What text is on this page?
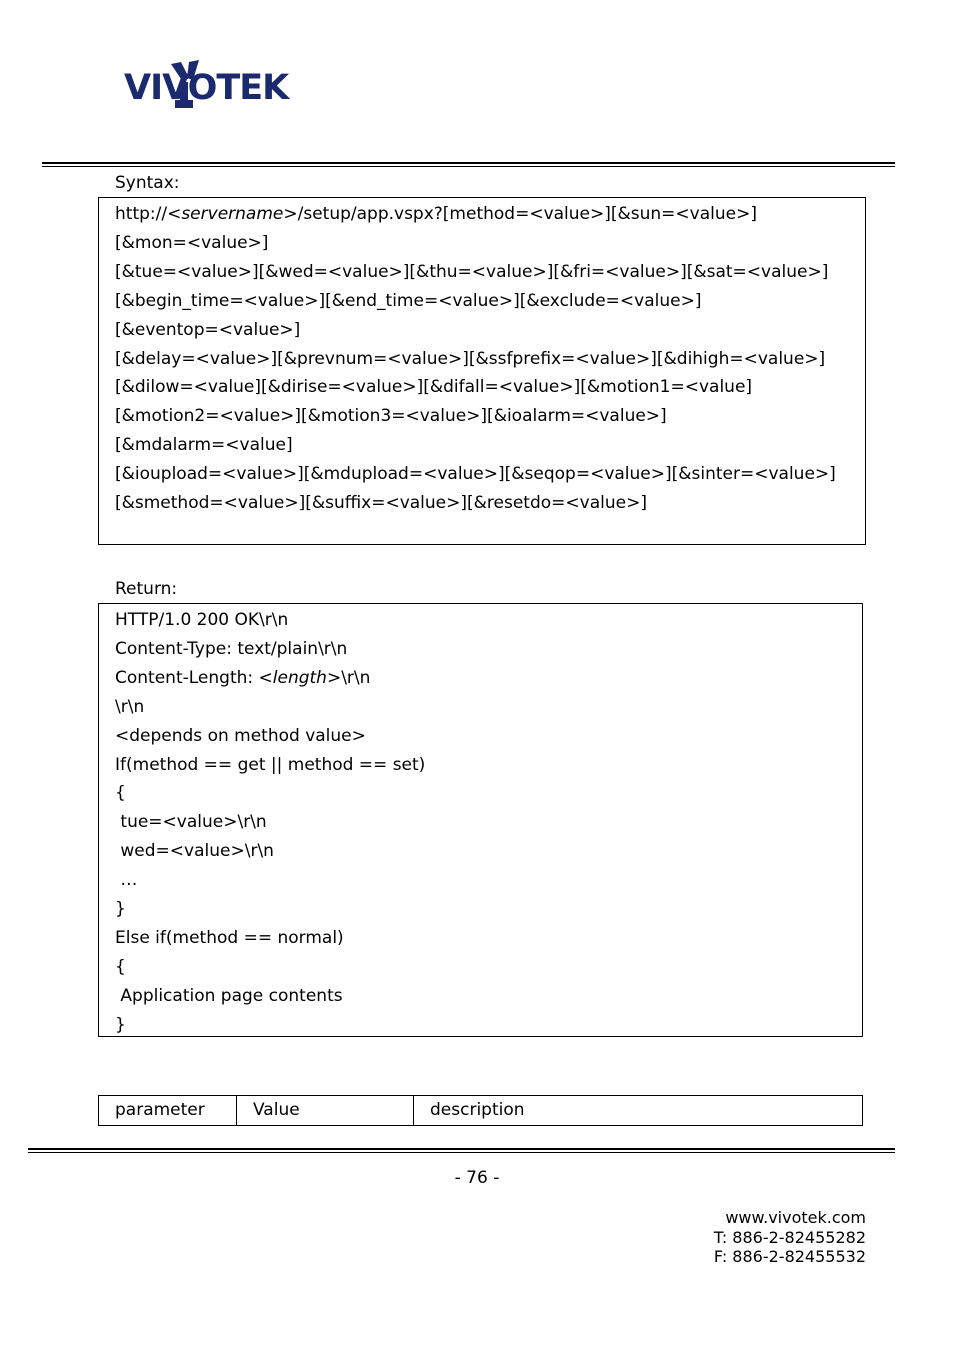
VIVOTEK
Syntax:
http://<servername>/setup/app.vspx?[method=<value>][&sun=<value>]
[&mon=<value>]
[&tue=<value>][&wed=<value>][&thu=<value>][&fri=<value>][&sat=<value>]
[&begin_time=<value>][&end_time=<value>][&exclude=<value>]
[&eventop=<value>]
[&delay=<value>][&prevnum=<value>][&ssfprefix=<value>][&dihigh=<value>]
[&dilow=<value][&dirise=<value>][&difall=<value>][&motion1=<value]
[&motion2=<value>][&motion3=<value>][&ioalarm=<value>]
[&mdalarm=<value]
[&ioupload=<value>][&mdupload=<value>][&seqop=<value>][&sinter=<value>]
[&smethod=<value>][&suffix=<value>][&resetdo=<value>]
Return:
HTTP/1.0 200 OK\r\n
Content-Type: text/plain\r\n
Content-Length: <length>\r\n
\r\n
<depends on method value>
If(method == get || method == set)
{
tue=<value>\r\n
wed=<value>\r\n
…
}
Else if(method == normal)
{
Application page contents
}
parameter	Value	description
- 76 -
www.vivotek.com
T: 886-2-82455282
F: 886-2-82455532
